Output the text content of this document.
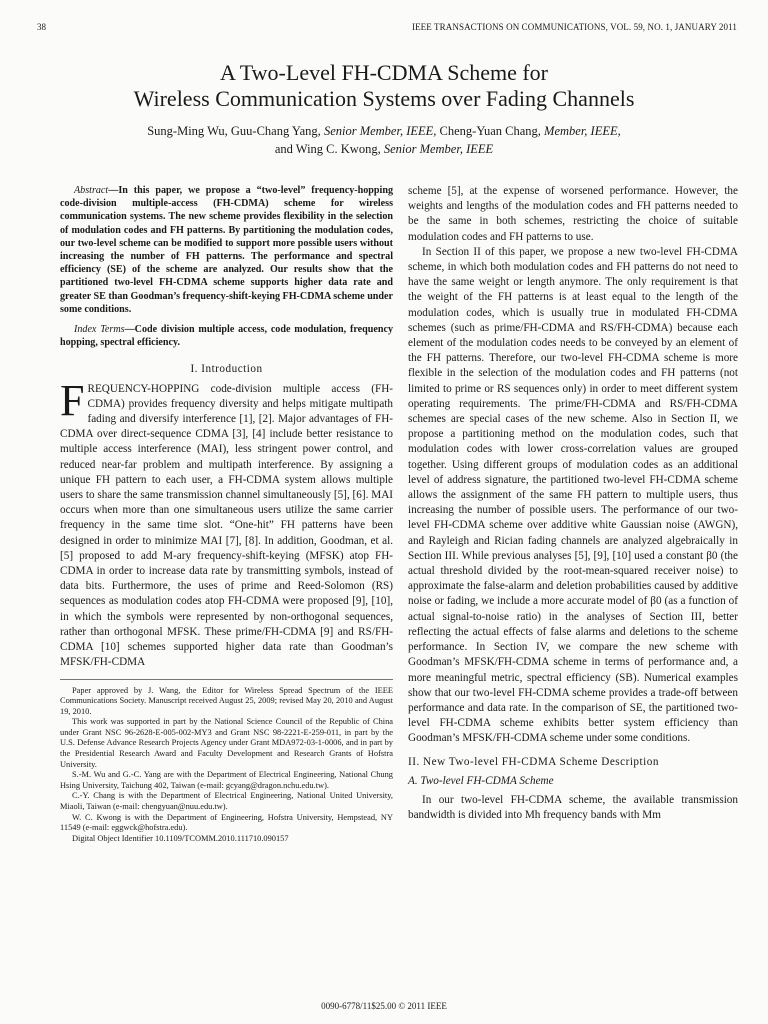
38	IEEE TRANSACTIONS ON COMMUNICATIONS, VOL. 59, NO. 1, JANUARY 2011
A Two-Level FH-CDMA Scheme for
Wireless Communication Systems over Fading Channels
Sung-Ming Wu, Guu-Chang Yang, Senior Member, IEEE, Cheng-Yuan Chang, Member, IEEE,
and Wing C. Kwong, Senior Member, IEEE

Abstract—In this paper, we propose a “two-level” frequency-hopping code-division multiple-access (FH-CDMA) scheme for wireless communication systems. The new scheme provides flexibility in the selection of modulation codes and FH patterns. By partitioning the modulation codes, our two-level scheme can be modified to support more possible users without increasing the number of FH patterns. The performance and spectral efficiency (SE) of the scheme are analyzed. Our results show that the partitioned two-level FH-CDMA scheme supports higher data rate and greater SE than Goodman’s frequency-shift-keying FH-CDMA scheme under some conditions.

Index Terms—Code division multiple access, code modulation, frequency hopping, spectral efficiency.

I. Introduction

FREQUENCY-HOPPING code-division multiple access (FH-CDMA) provides frequency diversity and helps mitigate multipath fading and diversify interference [1], [2]. Major advantages of FH-CDMA over direct-sequence CDMA [3], [4] include better resistance to multiple access interference (MAI), less stringent power control, and reduced near-far problem and multipath interference. By assigning a unique FH pattern to each user, a FH-CDMA system allows multiple users to share the same transmission channel simultaneously [5], [6]. MAI occurs when more than one simultaneous users utilize the same carrier frequency in the same time slot. “One-hit” FH patterns have been designed in order to minimize MAI [7], [8]. In addition, Goodman, et al. [5] proposed to add M-ary frequency-shift-keying (MFSK) atop FH-CDMA in order to increase data rate by transmitting symbols, instead of data bits. Furthermore, the uses of prime and Reed-Solomon (RS) sequences as modulation codes atop FH-CDMA were proposed [9], [10], in which the symbols were represented by non-orthogonal sequences, rather than orthogonal MFSK. These prime/FH-CDMA [9] and RS/FH-CDMA [10] schemes supported higher data rate than Goodman’s MFSK/FH-CDMA

Paper approved by J. Wang, the Editor for Wireless Spread Spectrum of the IEEE Communications Society. Manuscript received August 25, 2009; revised May 20, 2010 and August 19, 2010.

This work was supported in part by the National Science Council of the Republic of China under Grant NSC 96-2628-E-005-002-MY3 and Grant NSC 98-2221-E-259-011, in part by the U.S. Defense Advance Research Projects Agency under Grant MDA972-03-1-0006, and in part by the Presidential Research Award and Faculty Development and Research Grants of Hofstra University.

S.-M. Wu and G.-C. Yang are with the Department of Electrical Engineering, National Chung Hsing University, Taichung 402, Taiwan (e-mail: gcyang@dragon.nchu.edu.tw).

C.-Y. Chang is with the Department of Electrical Engineering, National United University, Miaoli, Taiwan (e-mail: chengyuan@nuu.edu.tw).

W. C. Kwong is with the Department of Engineering, Hofstra University, Hempstead, NY 11549 (e-mail: eggwck@hofstra.edu).

Digital Object Identifier 10.1109/TCOMM.2010.111710.090157

scheme [5], at the expense of worsened performance. However, the weights and lengths of the modulation codes and FH patterns needed to be the same in both schemes, restricting the choice of suitable modulation codes and FH patterns to use.

In Section II of this paper, we propose a new two-level FH-CDMA scheme, in which both modulation codes and FH patterns do not need to have the same weight or length anymore. The only requirement is that the weight of the FH patterns is at least equal to the length of the modulation codes, which is usually true in modulated FH-CDMA schemes (such as prime/FH-CDMA and RS/FH-CDMA) because each element of the modulation codes needs to be conveyed by an element of the FH patterns. Therefore, our two-level FH-CDMA scheme is more flexible in the selection of the modulation codes and FH patterns (not limited to prime or RS sequences only) in order to meet different system operating requirements. The prime/FH-CDMA and RS/FH-CDMA schemes are special cases of the new scheme. Also in Section II, we propose a partitioning method on the modulation codes, such that modulation codes with lower cross-correlation values are grouped together. Using different groups of modulation codes as an additional level of address signature, the partitioned two-level FH-CDMA scheme allows the assignment of the same FH pattern to multiple users, thus increasing the number of possible users. The performance of our two-level FH-CDMA scheme over additive white Gaussian noise (AWGN), and Rayleigh and Rician fading channels are analyzed algebraically in Section III. While previous analyses [5], [9], [10] used a constant β0 (the actual threshold divided by the root-mean-squared receiver noise) to approximate the false-alarm and deletion probabilities caused by additive noise or fading, we include a more accurate model of β0 (as a function of actual signal-to-noise ratio) in the analyses of Section III, better reflecting the actual effects of false alarms and deletions to the scheme performance. In Section IV, we compare the new scheme with Goodman’s MFSK/FH-CDMA scheme in terms of performance and, a more meaningful metric, spectral efficiency (SB). Numerical examples show that our two-level FH-CDMA scheme provides a trade-off between performance and data rate. In the comparison of SE, the partitioned two-level FH-CDMA scheme exhibits better system efficiency than Goodman’s MFSK/FH-CDMA scheme under some conditions.

II. New Two-level FH-CDMA Scheme Description
A. Two-level FH-CDMA Scheme

In our two-level FH-CDMA scheme, the available transmission bandwidth is divided into Mh frequency bands with Mm

0090-6778/11$25.00 © 2011 IEEE
